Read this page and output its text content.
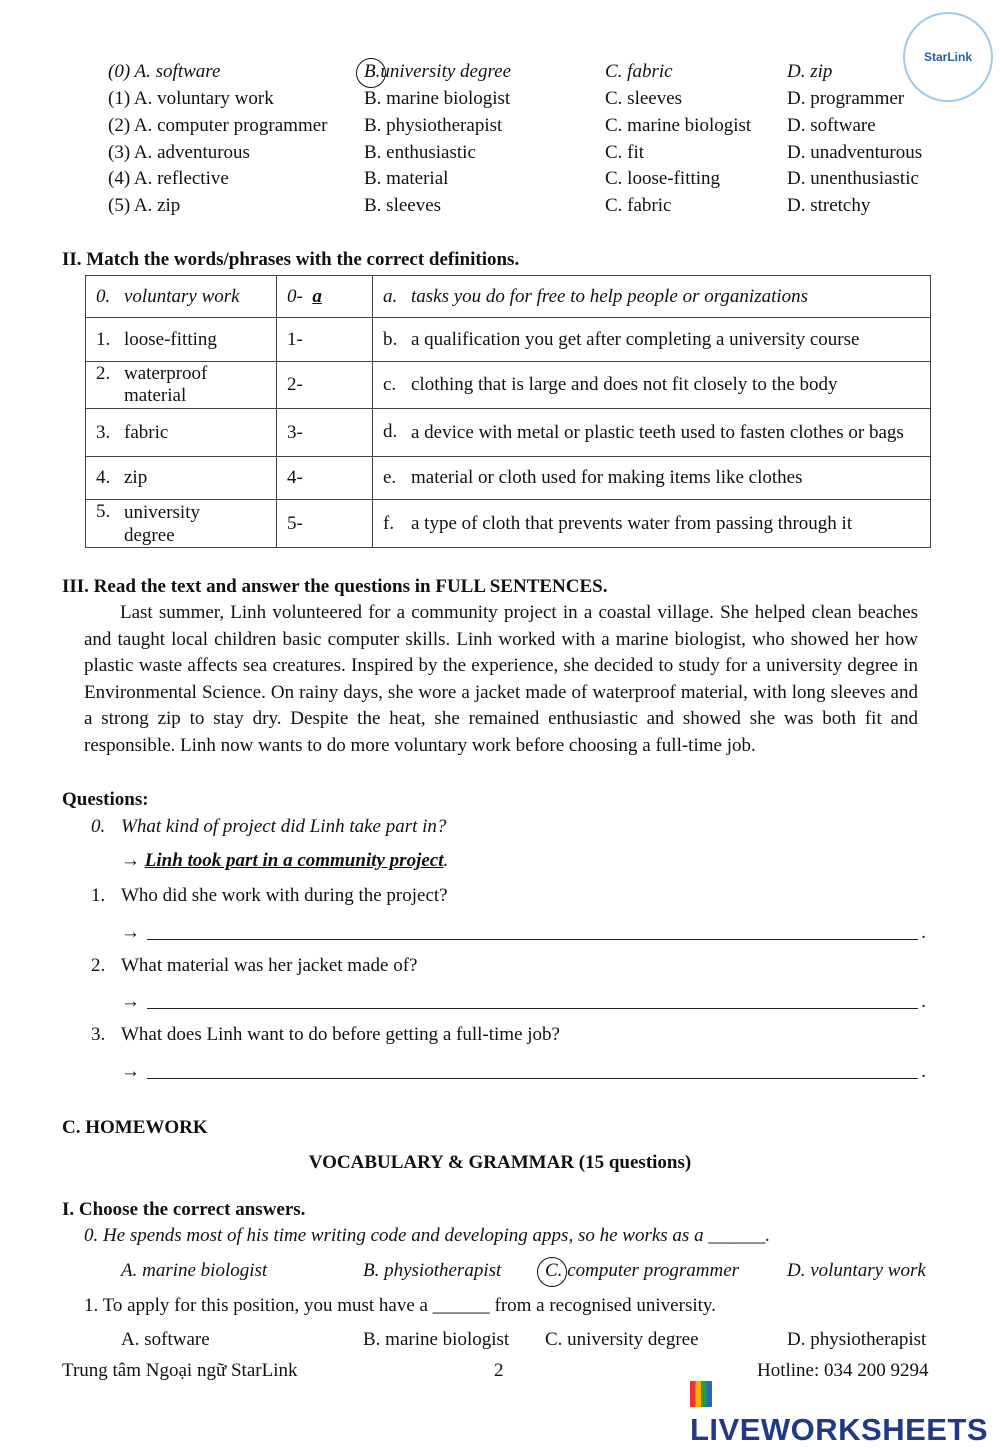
StarLink
(0) A. software	B.university degree	C. fabric	D. zip
(1) A. voluntary work	B. marine biologist	C. sleeves	D. programmer
(2) A. computer programmer B. physiotherapist	C. marine biologist D. software
(3) A. adventurous	B. enthusiastic	C. fit	D. unadventurous
(4) A. reflective	B. material	C. loose-fitting	D. unenthusiastic
(5) A. zip	B. sleeves	C. fabric	D. stretchy
II. Match the words/phrases with the correct definitions.
0. voluntary work	0- a	a. tasks you do for free to help people or organizations
1. loose-fitting	1-	b. a qualification you get after completing a university course
2. waterproof material	2-	c. clothing that is large and does not fit closely to the body
3. fabric	3-	d. a device with metal or plastic teeth used to fasten clothes or bags
4. zip	4-	e. material or cloth used for making items like clothes
5. university degree	5-	f. a type of cloth that prevents water from passing through it
III. Read the text and answer the questions in FULL SENTENCES.
Last summer, Linh volunteered for a community project in a coastal village. She helped clean beaches and taught local children basic computer skills. Linh worked with a marine biologist, who showed her how plastic waste affects sea creatures. Inspired by the experience, she decided to study for a university degree in Environmental Science. On rainy days, she wore a jacket made of waterproof material, with long sleeves and a strong zip to stay dry. Despite the heat, she remained enthusiastic and showed she was both fit and responsible. Linh now wants to do more voluntary work before choosing a full-time job.
Questions:
0. What kind of project did Linh take part in?
→ Linh took part in a community project.
1. Who did she work with during the project?
→	.
2. What material was her jacket made of?
→	.
3. What does Linh want to do before getting a full-time job?
→	.
C. HOMEWORK
VOCABULARY & GRAMMAR (15 questions)
I. Choose the correct answers.
0. He spends most of his time writing code and developing apps, so he works as a ______.
A. marine biologist	B. physiotherapist C. computer programmer	D. voluntary work
1. To apply for this position, you must have a ______ from a recognised university.
A. software	B. marine biologist C. university degree	D. physiotherapist
Trung tâm Ngoại ngữ StarLink	2	Hotline: 034 200 9294
LIVEWORKSHEETS
